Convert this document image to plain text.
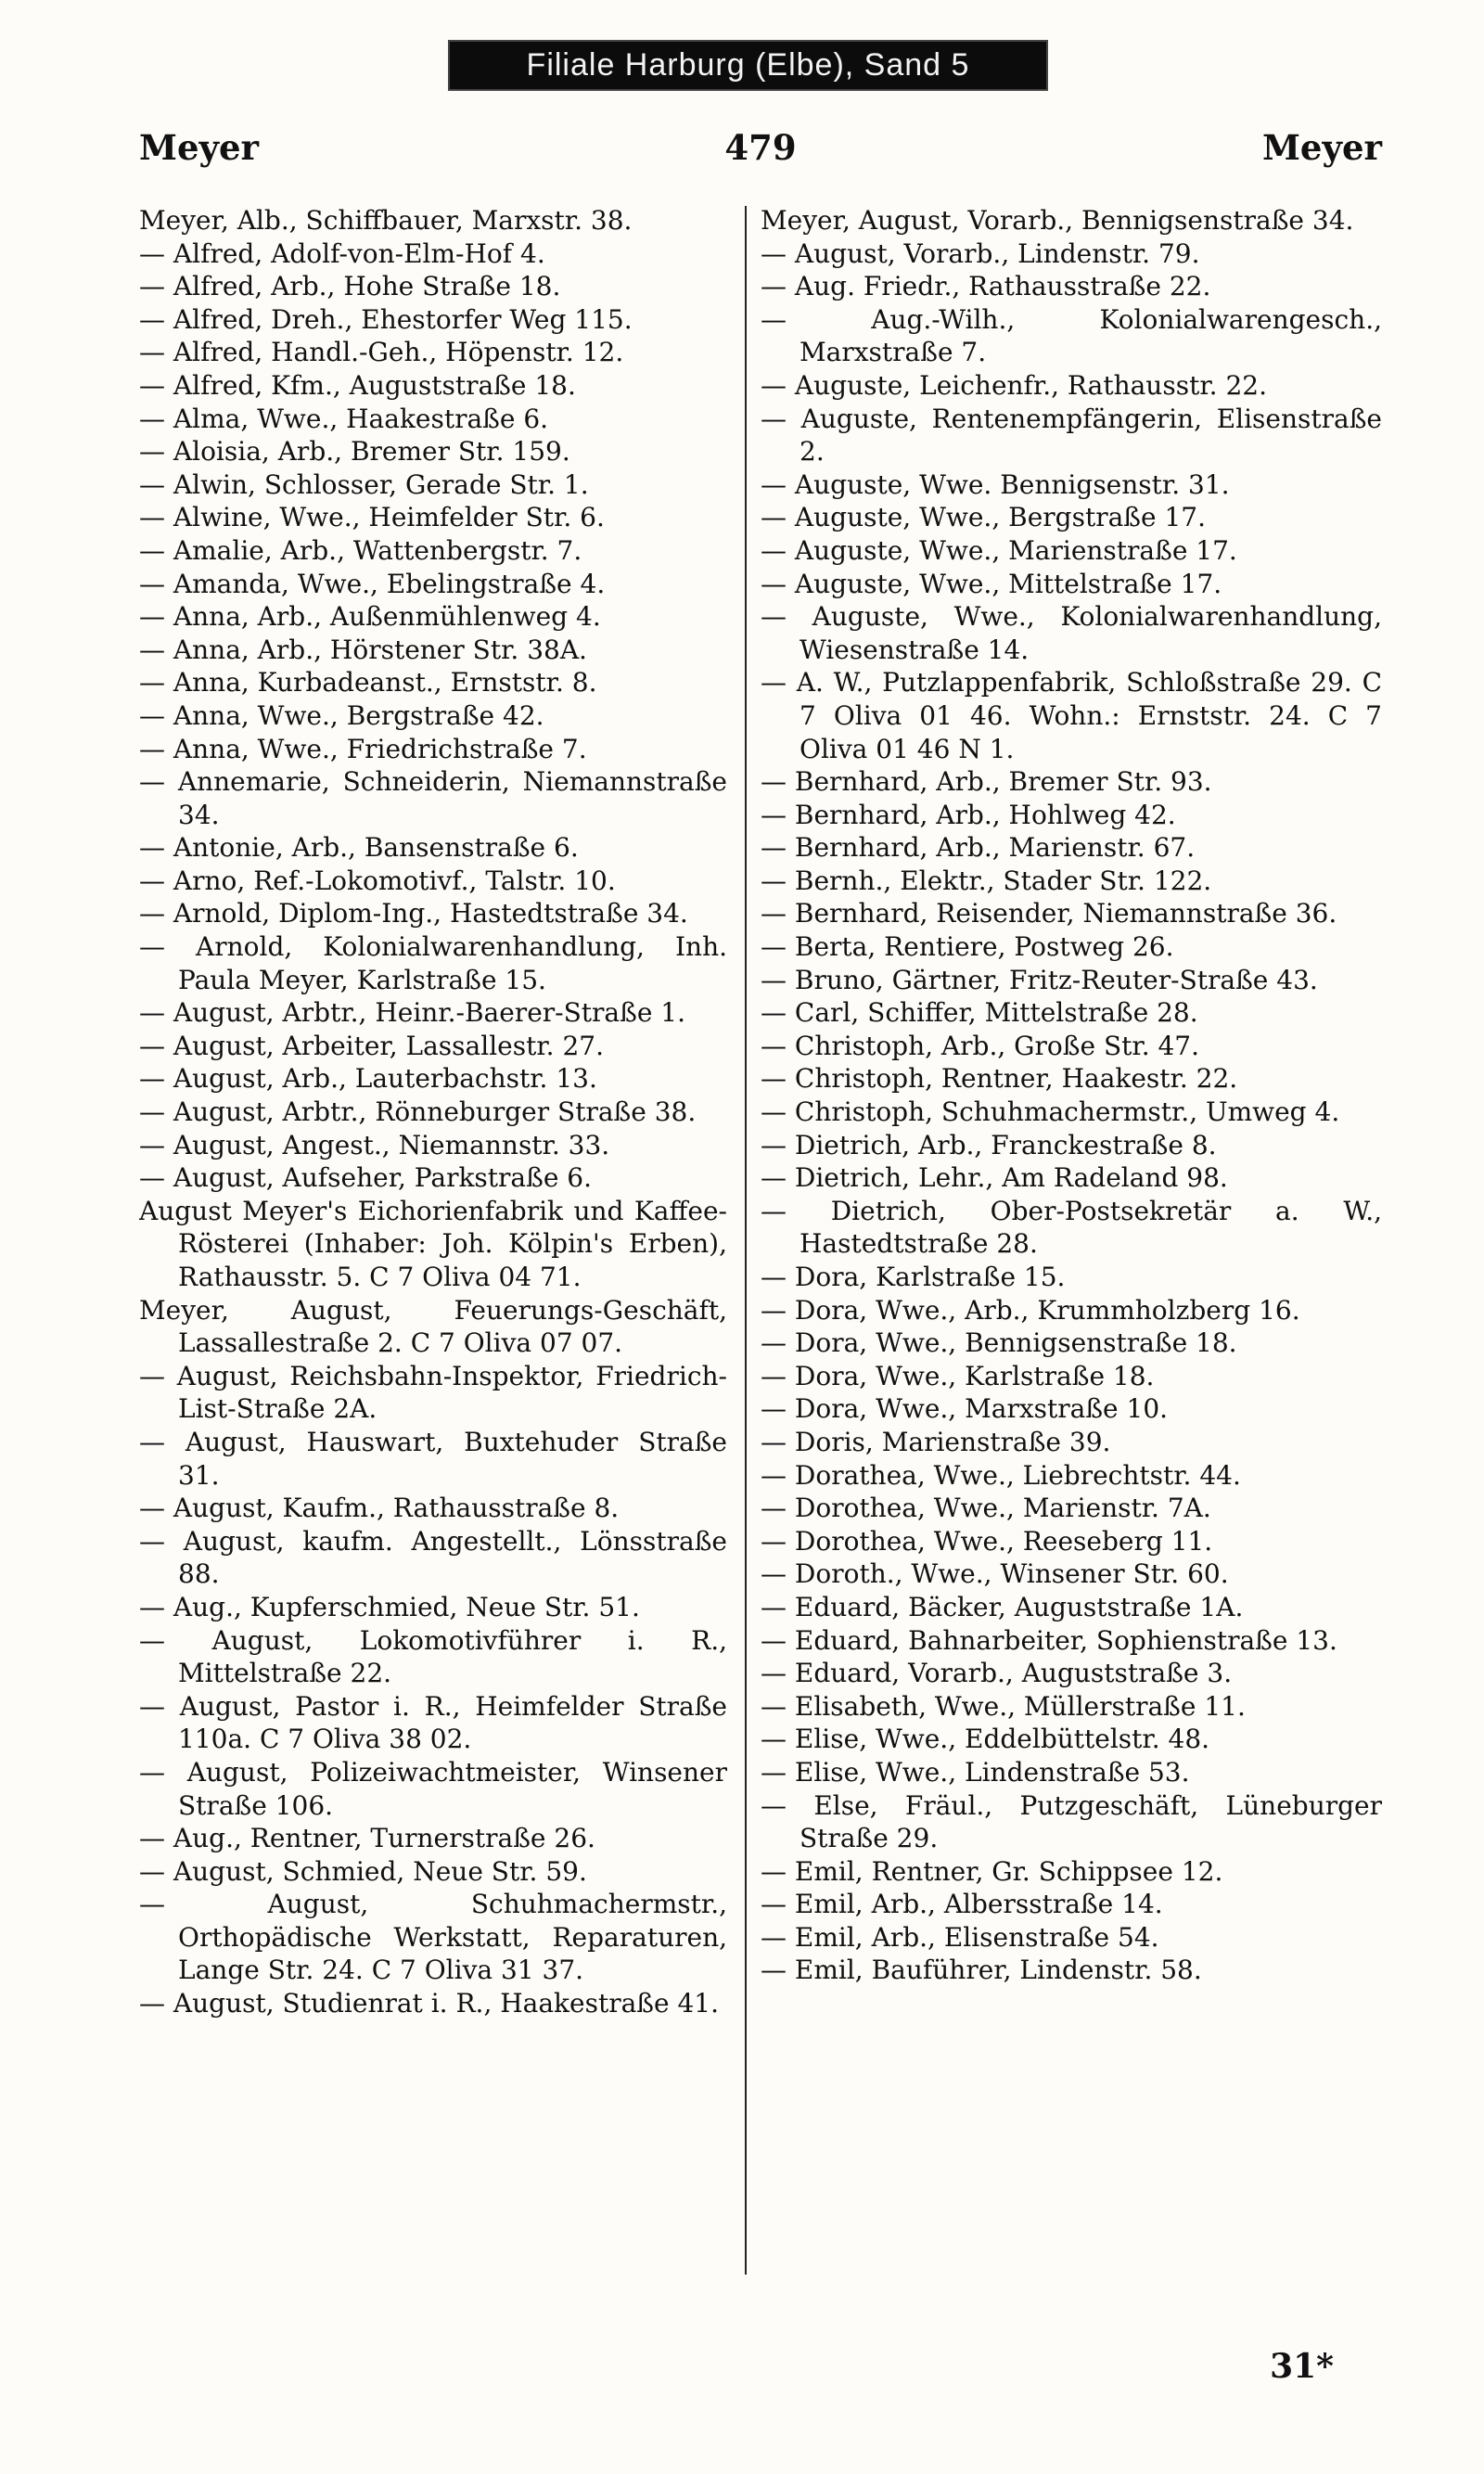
Filiale Harburg (Elbe), Sand 5
Meyer	479	Meyer

Meyer, Alb., Schiffbauer, Marxstr. 38.

— Alfred, Adolf-von-Elm-Hof 4.

— Alfred, Arb., Hohe Straße 18.

— Alfred, Dreh., Ehestorfer Weg 115.

— Alfred, Handl.-Geh., Höpenstr. 12.

— Alfred, Kfm., Auguststraße 18.

— Alma, Wwe., Haakestraße 6.

— Aloisia, Arb., Bremer Str. 159.

— Alwin, Schlosser, Gerade Str. 1.

— Alwine, Wwe., Heimfelder Str. 6.

— Amalie, Arb., Wattenbergstr. 7.

— Amanda, Wwe., Ebelingstraße 4.

— Anna, Arb., Außenmühlenweg 4.

— Anna, Arb., Hörstener Str. 38A.

— Anna, Kurbadeanst., Ernststr. 8.

— Anna, Wwe., Bergstraße 42.

— Anna, Wwe., Friedrichstraße 7.

— Annemarie, Schneiderin, Niemannstraße 34.

— Antonie, Arb., Bansenstraße 6.

— Arno, Ref.-Lokomotivf., Talstr. 10.

— Arnold, Diplom-Ing., Hastedtstraße 34.

— Arnold, Kolonialwarenhandlung, Inh. Paula Meyer, Karlstraße 15.

— August, Arbtr., Heinr.-Baerer-Straße 1.

— August, Arbeiter, Lassallestr. 27.

— August, Arb., Lauterbachstr. 13.

— August, Arbtr., Rönneburger Straße 38.

— August, Angest., Niemannstr. 33.

— August, Aufseher, Parkstraße 6.

August Meyer's Eichorienfabrik und Kaffee-Rösterei (Inhaber: Joh. Kölpin's Erben), Rathausstr. 5. C 7 Oliva 04 71.

Meyer, August, Feuerungs-Geschäft, Lassallestraße 2. C 7 Oliva 07 07.

— August, Reichsbahn-Inspektor, Friedrich-List-Straße 2A.

— August, Hauswart, Buxtehuder Straße 31.

— August, Kaufm., Rathausstraße 8.

— August, kaufm. Angestellt., Lönsstraße 88.

— Aug., Kupferschmied, Neue Str. 51.

— August, Lokomotivführer i. R., Mittelstraße 22.

— August, Pastor i. R., Heimfelder Straße 110a. C 7 Oliva 38 02.

— August, Polizeiwachtmeister, Winsener Straße 106.

— Aug., Rentner, Turnerstraße 26.

— August, Schmied, Neue Str. 59.

— August, Schuhmachermstr., Orthopädische Werkstatt, Reparaturen, Lange Str. 24. C 7 Oliva 31 37.

— August, Studienrat i. R., Haakestraße 41.

Meyer, August, Vorarb., Bennigsenstraße 34.

— August, Vorarb., Lindenstr. 79.

— Aug. Friedr., Rathausstraße 22.

— Aug.-Wilh., Kolonialwarengesch., Marxstraße 7.

— Auguste, Leichenfr., Rathausstr. 22.

— Auguste, Rentenempfängerin, Elisenstraße 2.

— Auguste, Wwe. Bennigsenstr. 31.

— Auguste, Wwe., Bergstraße 17.

— Auguste, Wwe., Marienstraße 17.

— Auguste, Wwe., Mittelstraße 17.

— Auguste, Wwe., Kolonialwarenhandlung, Wiesenstraße 14.

— A. W., Putzlappenfabrik, Schloßstraße 29. C 7 Oliva 01 46. Wohn.: Ernststr. 24. C 7 Oliva 01 46 N 1.

— Bernhard, Arb., Bremer Str. 93.

— Bernhard, Arb., Hohlweg 42.

— Bernhard, Arb., Marienstr. 67.

— Bernh., Elektr., Stader Str. 122.

— Bernhard, Reisender, Niemannstraße 36.

— Berta, Rentiere, Postweg 26.

— Bruno, Gärtner, Fritz-Reuter-Straße 43.

— Carl, Schiffer, Mittelstraße 28.

— Christoph, Arb., Große Str. 47.

— Christoph, Rentner, Haakestr. 22.

— Christoph, Schuhmachermstr., Umweg 4.

— Dietrich, Arb., Franckestraße 8.

— Dietrich, Lehr., Am Radeland 98.

— Dietrich, Ober-Postsekretär a. W., Hastedtstraße 28.

— Dora, Karlstraße 15.

— Dora, Wwe., Arb., Krummholzberg 16.

— Dora, Wwe., Bennigsenstraße 18.

— Dora, Wwe., Karlstraße 18.

— Dora, Wwe., Marxstraße 10.

— Doris, Marienstraße 39.

— Dorathea, Wwe., Liebrechtstr. 44.

— Dorothea, Wwe., Marienstr. 7A.

— Dorothea, Wwe., Reeseberg 11.

— Doroth., Wwe., Winsener Str. 60.

— Eduard, Bäcker, Auguststraße 1A.

— Eduard, Bahnarbeiter, Sophienstraße 13.

— Eduard, Vorarb., Auguststraße 3.

— Elisabeth, Wwe., Müllerstraße 11.

— Elise, Wwe., Eddelbüttelstr. 48.

— Elise, Wwe., Lindenstraße 53.

— Else, Fräul., Putzgeschäft, Lüneburger Straße 29.

— Emil, Rentner, Gr. Schippsee 12.

— Emil, Arb., Albersstraße 14.

— Emil, Arb., Elisenstraße 54.

— Emil, Bauführer, Lindenstr. 58.

31*
